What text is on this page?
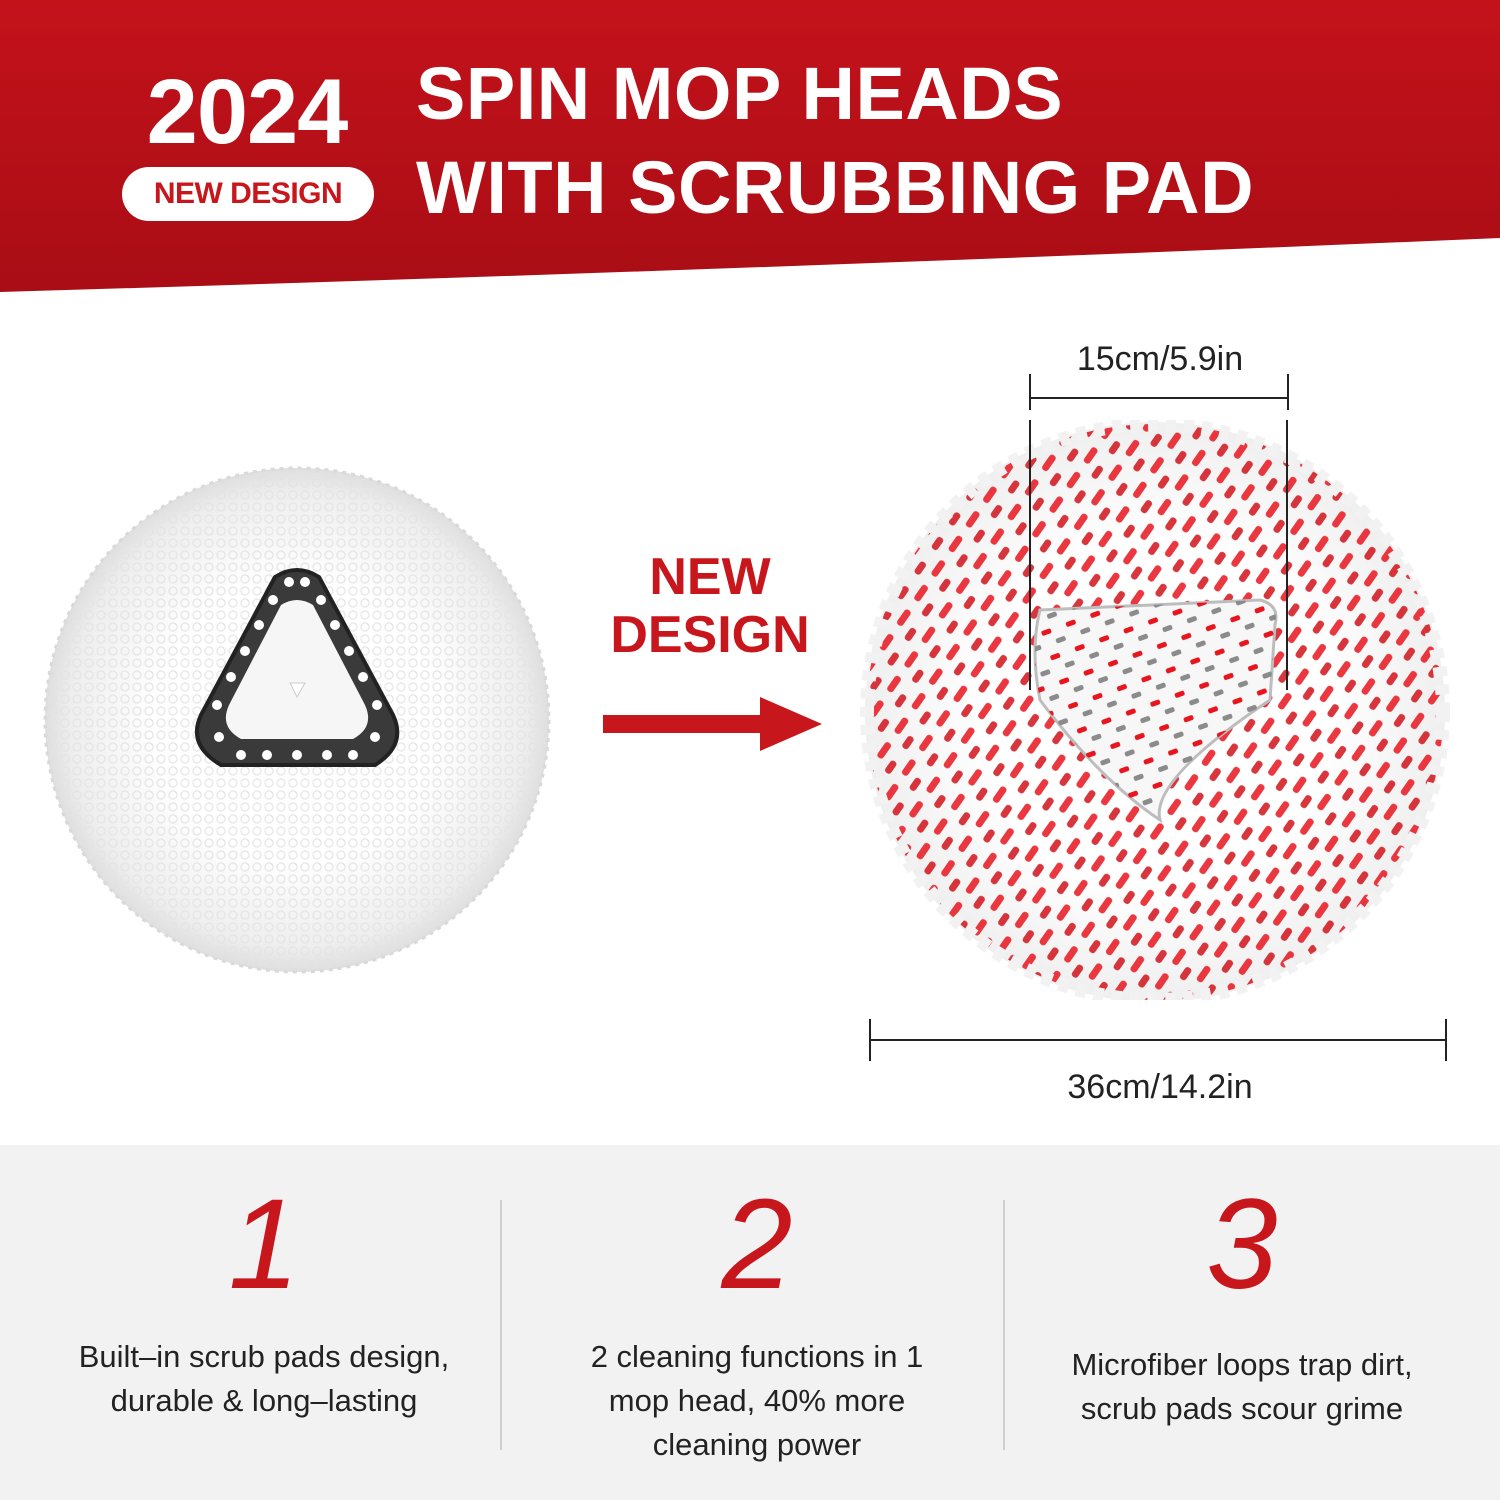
2024
NEW DESIGN
SPIN MOP HEADS
WITH SCRUBBING PAD
NEW
DESIGN
15cm/5.9in
36cm/14.2in
1
Built–in scrub pads design, durable & long–lasting
2
2 cleaning functions in 1 mop head, 40% more cleaning power
3
Microfiber loops trap dirt, scrub pads scour grime
